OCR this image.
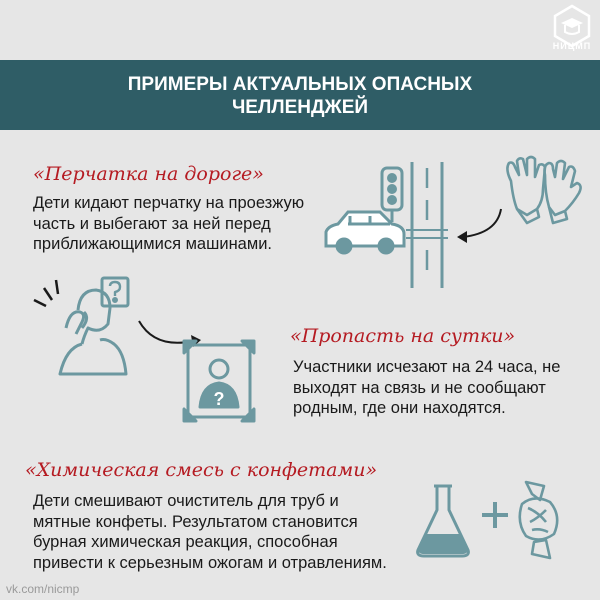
НИЦМП
ПРИМЕРЫ АКТУАЛЬНЫХ ОПАСНЫХ
ЧЕЛЛЕНДЖЕЙ
«Перчатка на дороге»
Дети кидают перчатку на проезжую
часть и выбегают за ней перед
приближающимися машинами.
?
«Пропасть на сутки»
Участники исчезают на 24 часа, не
выходят на связь и не сообщают
родным, где они находятся.
«Химическая смесь с конфетами»
Дети смешивают очиститель для труб и
мятные конфеты. Результатом становится
бурная химическая реакция, способная
привести к серьезным ожогам и отравлениям.
vk.com/nicmp
